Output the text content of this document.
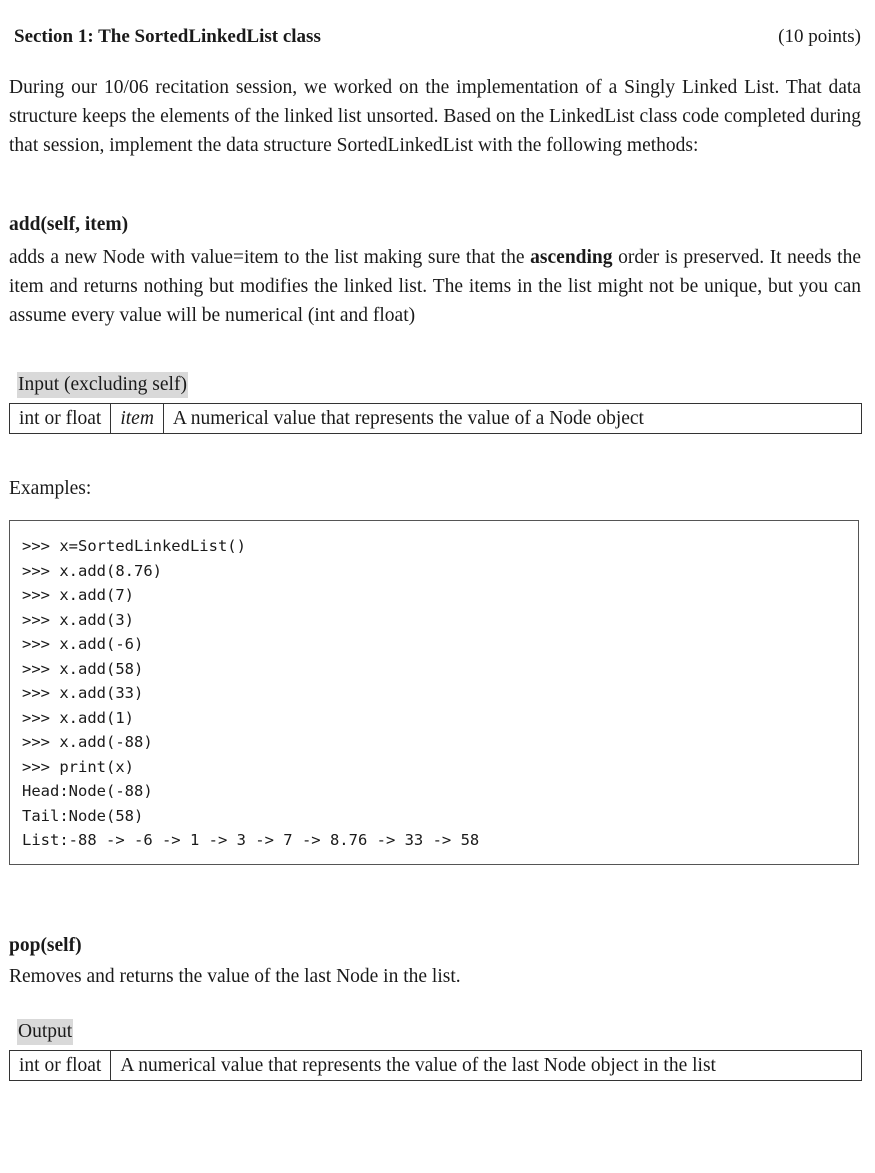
Section 1: The SortedLinkedList class	(10 points)

During our 10/06 recitation session, we worked on the implementation of a Singly Linked List. That data structure keeps the elements of the linked list unsorted. Based on the LinkedList class code completed during that session, implement the data structure SortedLinkedList with the following methods:

add(self, item)

adds a new Node with value=item to the list making sure that the ascending order is preserved. It needs the item and returns nothing but modifies the linked list. The items in the list might not be unique, but you can assume every value will be numerical (int and float)

Input (excluding self)
int or float	item	A numerical value that represents the value of a Node object
Examples:
>>> x=SortedLinkedList()
>>> x.add(8.76)
>>> x.add(7)
>>> x.add(3)
>>> x.add(-6)
>>> x.add(58)
>>> x.add(33)
>>> x.add(1)
>>> x.add(-88)
>>> print(x)
Head:Node(-88)
Tail:Node(58)
List:-88 -> -6 -> 1 -> 3 -> 7 -> 8.76 -> 33 -> 58
pop(self)

Removes and returns the value of the last Node in the list.

Output
int or float	A numerical value that represents the value of the last Node object in the list
